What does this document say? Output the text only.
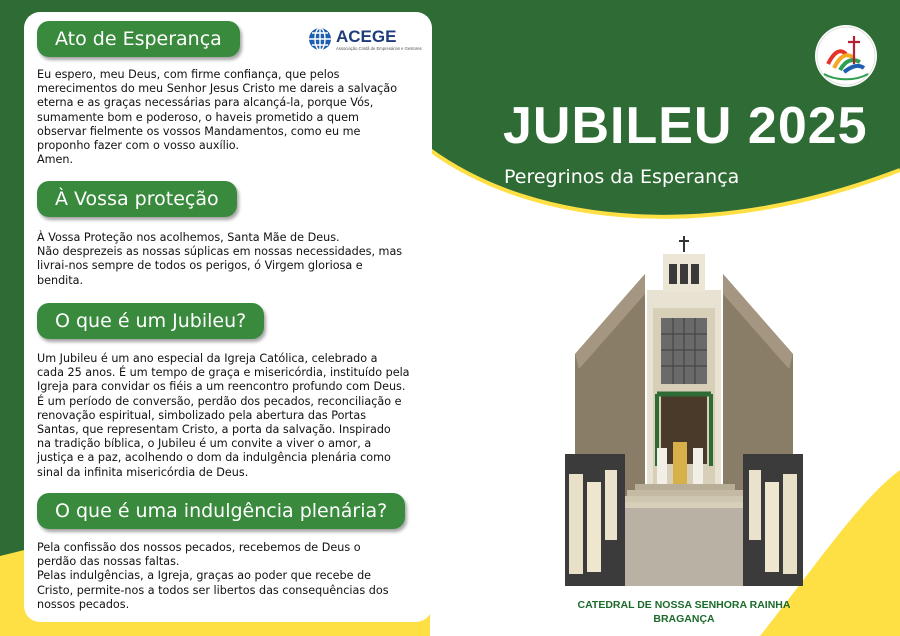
ACEGE
Associação Cristã de Empresários e Gestores
Ato de Esperança
Eu espero, meu Deus, com firme confiança, que pelos
merecimentos do meu Senhor Jesus Cristo me dareis a salvação
eterna e as graças necessárias para alcançá-la, porque Vós,
sumamente bom e poderoso, o haveis prometido a quem
observar fielmente os vossos Mandamentos, como eu me
proponho fazer com o vosso auxílio.
Amen.
À Vossa proteção
À Vossa Proteção nos acolhemos, Santa Mãe de Deus.
Não desprezeis as nossas súplicas em nossas necessidades, mas
livrai-nos sempre de todos os perigos, ó Virgem gloriosa e
bendita.
O que é um Jubileu?
Um Jubileu é um ano especial da Igreja Católica, celebrado a
cada 25 anos. É um tempo de graça e misericórdia, instituído pela
Igreja para convidar os fiéis a um reencontro profundo com Deus.
É um período de conversão, perdão dos pecados, reconciliação e
renovação espiritual, simbolizado pela abertura das Portas
Santas, que representam Cristo, a porta da salvação. Inspirado
na tradição bíblica, o Jubileu é um convite a viver o amor, a
justiça e a paz, acolhendo o dom da indulgência plenária como
sinal da infinita misericórdia de Deus.
O que é uma indulgência plenária?
Pela confissão dos nossos pecados, recebemos de Deus o
perdão das nossas faltas.
Pelas indulgências, a Igreja, graças ao poder que recebe de
Cristo, permite-nos a todos ser libertos das consequências dos
nossos pecados.
JUBILEU 2025
Peregrinos da Esperança
CATEDRAL DE NOSSA SENHORA RAINHA
BRAGANÇA
